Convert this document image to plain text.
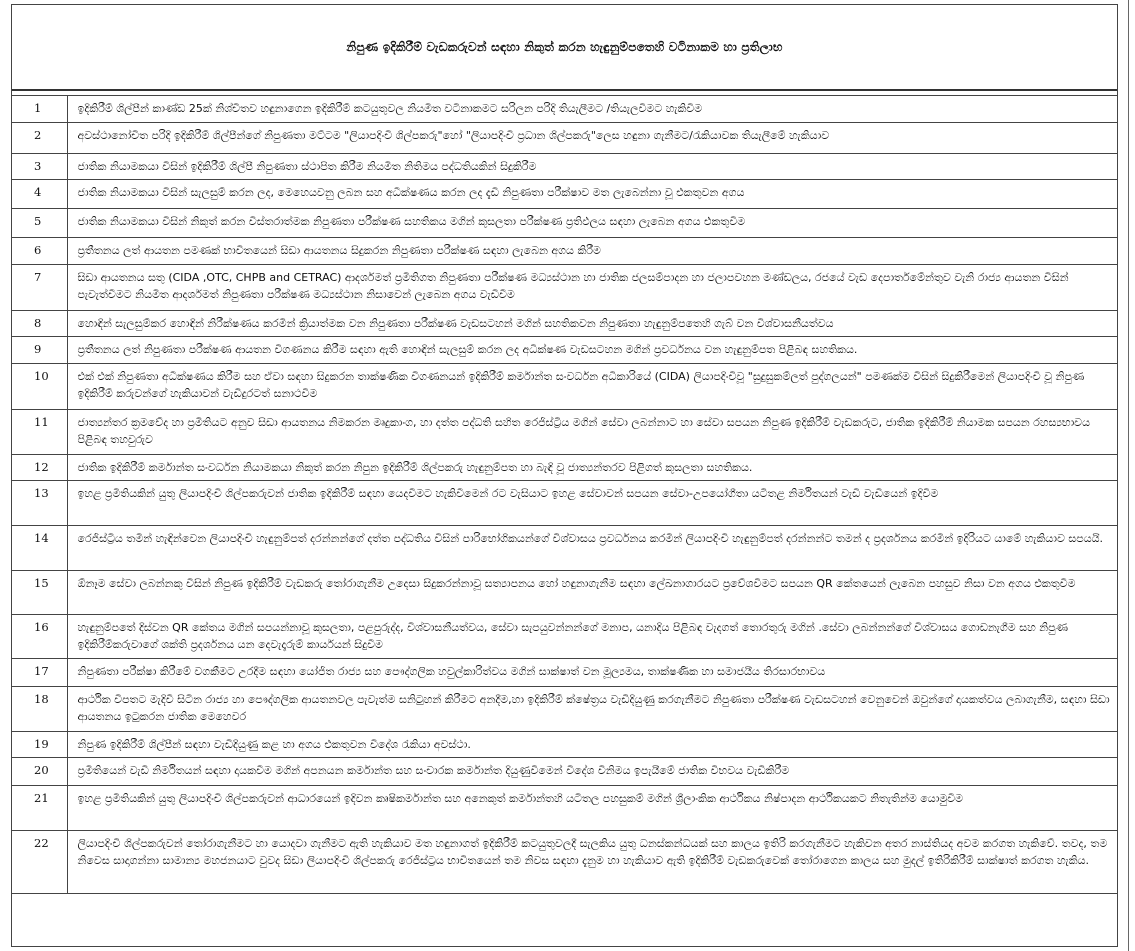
නිපුණ ඉදිකිරීම් වැඩකරුවන් සඳහා නිකුත් කරන හැඳුනුම්පතෙහි වටිනාකම හා ප්‍රතිලාභ
1	ඉදිකිරීම් ශිල්පීන් කාණ්ඩ 25ක් නිශ්චිතව හඳුනාගෙන ඉදිකිරීම් කටයුතුවල නියමිත වටිනාකමට සරිලන පරිදි තියැලීමට /තියැලවීමට හැකිවීම
2	අවස්ථානෝචිත පරිදි ඉදිකිරීම් ශිල්පීන්ගේ නිපුණතා මට්ටම "ලියාපදිංචි ශිල්පකරු"හෝ "ලියාපදිංචි ප්‍රධාන ශිල්පකරු"ලෙස හඳුනා ගැනීමට/රැකියාවක තියැලීමේ හැකියාව
3	ජාතික නියාමකයා විසින් ඉදිකිරීම් ශිල්පී නිපුණතා ස්ථාපිත කිරීම නියමිත නිතිමය පද්ධතියකින් සිදුකිරීම
4	ජාතික නියාමකයා විසින් සැලසුම් කරන ලද, මෙහෙයවනු ලබන සහ අධීක්ෂණය කරන ලද දැඩි නිපුණතා පරීක්ෂාව මත ලැබෙන්නා වූ එකතුවන අගය
5	ජාතික නියාමකයා විසින් නිකුත් කරන විස්තරාත්මක නිපුණතා පරීක්ෂණ සහතිකය මගින් කුසලතා පරීක්ෂණ ප්‍රතිඵලය සඳහා ලැබෙන අගය එකතුවීම
6	ප්‍රතීතනය ලත් ආයතන පමණක් භාවිතයෙන් සිඩා ආයතනය සිදුකරන නිපුණතා පරීක්ෂණ සඳහා ලැබෙන අගය කිරීම
7	සිඩා ආයතනය සතු (CIDA ,OTC, CHPB and CETRAC) ආදර්ශමත් ප්‍රමිතිගත නිපුණතා පරීක්ෂණ මධ්‍යස්ථාන හා ජාතික ජලසම්පාදන හා ජලාපවහන මණ්ඩලය, රජයේ වැඩ දෙපාර්තමේන්තුව වැනි රාජ්‍ය ආයතන විසින් පැවැත්වීමට නියමිත ආදර්ශමත් නිපුණතා පරීක්ෂණ මධ්‍යස්ථාන නිසාවෙන් ලැබෙන අගය වැඩිවීම
8	හොඳින් සැලසුම්කර හොඳින් නිරීක්ෂණය කරමින් ක්‍රියාත්මක වන නිපුණතා පරීක්ෂණ වැඩසටහන් මගින් සහතිකවන නිපුණතා හැඳුනුම්පතෙහි ගැබ් වන විශ්වාසනීයත්වය
9	ප්‍රතීතනය ලත් නිපුණතා පරීක්ෂණ ආයතන විගණනය කිරීම සඳහා ඇති හොඳින් සැලසුම් කරන ලද අධීක්ෂණ වැඩසටහන මගින් ප්‍රවර්ධනය වන හැඳුනුම්පත පිළිබඳ සහතිකය.
10	එක් එක් නිපුණතා අධීක්ෂණය කිරීම සහ ඒවා සඳහා සිදුකරන තාක්ෂණික විගණනයන් ඉදිකිරීම් කර්මාන්ත සංවර්ධන අධිකාරියේ (CIDA) ලියාපදිංචිවූ "සුදුසුකම්ලත් පුද්ගලයන්" පමණක්ම විසින් සිදුකිරීමෙන් ලියාපදිංචි වූ නිපුණ ඉදිකිරීම් කරුවන්ගේ හැකියාවන් වැඩිදුරටත් සනාථවීම
11	ජාත්‍යන්තර ක්‍රමවේද හා ප්‍රමිතියට අනුව සිඩා ආයතනය නිමකරන මෘදුකාංග, හා දත්ත පද්ධති සහිත රෙජිස්ට්‍රිය මගින් සේවා ලබන්නාට හා සේවා සපයන නිපුණ ඉදිකිරීම් වැඩකරුට, ජාතික ඉදිකිරීම් නියාමක සපයන රහස්‍යභාවය පිළිබඳ තහවුරුව
12	ජාතික ඉදිකිරීම් කර්මාන්ත සංවර්ධන නියාමකයා නිකුත් කරන නිපුන ඉදිකිරීම් ශිල්පකරු හැඳුනුම්පත හා බැඳි වූ ජාත්‍යන්තරව පිළිගත් කුසලතා සහතිකය.
13	ඉහළ ප්‍රමිතියකින් යුතු ලියාපදිංචි ශිල්පකරුවන් ජාතික ඉදිකිරීම් සඳහා යෙදවීමට හැකිවීමෙන් රට වැසියාට ඉහළ සේවාවන් සපයන සේවා-උපයෝගීතා යටිතළ නිර්මිතයන් වැඩි වැඩියෙන් ඉදිවීම
14	රෙජිස්ට්‍රිය තමින් හැඳින්වෙන ලියාපදිංචි හැඳුනුම්පත් දරන්නන්ගේ දත්ත පද්ධතිය විසින් පාරිභෝගිකයන්ගේ විශ්වාසය ප්‍රවර්ධනය කරමින් ලියාපදිංචි හැඳුනුම්පත් දරන්නන්ට තමන් ද ප්‍රදර්ශනය කරමින් ඉදිරියට යාමේ හැකියාව සපයයි.
15	ඕනෑම සේවා ලබන්නකු විසින් නිපුණ ඉදිකිරීම් වැඩකරු තෝරාගැනීම උදෙසා සිදුකරන්නාවූ සත්‍යාපනය හෝ හඳුනාගැනීම සඳහා ලේඛනාගාරයට ප්‍රවේශවීමට සපයන QR කේතයෙන් ලැබෙන පහසුව නිසා වන අගය එකතුවීම
16	හැඳුනුම්පතේ දිස්වන QR කේතය මගින් සපයන්නාවූ කුසලතා, පළපුරුද්ද, විශ්වාසනීයත්වය, සේවා සැපයුවන්නන්ගේ මනාප, යනාදිය පිළිබඳ වැදගත් තොරතුරු මගින් .සේවා ලබන්නන්ගේ විශ්වාසය ගොඩනැගීම සහ නිපුණ ඉදිකිරීම්කරුවාගේ ශක්ති ප්‍රදර්ශනය යන දෙවැදෑරුම් කාර්යයන් සිදුවීම
17	නිපුණතා පරීක්ෂා කිරීමේ වගකීමට උරදීම සඳහා යෝජිත රාජ්‍ය සහ පෞද්ගලික හවුල්කාරිත්වය මගින් සාක්ෂාත් වන මූල්‍යමය, තාක්ෂණික හා සමාජයීය තිරසාරභාවය
18	ආර්ථික විපතට මැදිවී සිටින රාජ්‍ය හා පෞද්ගලික ආයතනවල පැවැත්ම සනිටුහන් කිරීමට අනදීම,හා ඉදිකිරීම් ක්ෂේත්‍රය වැඩිදියුණු කරගැනීමට නිපුණතා පරීක්ෂණ වැඩසටහන් වෙනුවෙන් ඔවුන්ගේ දායකත්වය ලබාගැනීම, සඳහා සිඩා ආයතනය ඉටුකරන ජාතික මෙහෙවර
19	නිපුණ ඉදිකිරීම් ශිල්පීන් සඳහා වැඩිදියුණු කළ හා අගය එකතුවන විදේශ රැකියා අවස්ථා.
20	ප්‍රමිතියෙන් වැඩි නිර්මිතයන් සඳහා දායකවීම මගින් අපනයන කර්මාන්ත සහ සංචාරක කර්මාන්ත දියුණුවීමෙන් විදේශ විනිමය ඉපැයීමේ ජාතික විභවය වැඩිකිරීම
21	ඉහළ ප්‍රමිතියකින් යුතු ලියාපදිංචි ශිල්පකරුවන් ආධාරයෙන් ඉදිවන කෘෂිකර්මාන්ත සහ අනෙකුත් කර්මාන්තහි යටිතල පහසුකම් මගින් ශ්‍රීලාංකික ආර්ථිකය නිෂ්පාදන ආර්ථිකයකට නිතැතින්ම යොමුවීම
22	ලියාපදිංචි ශිල්පකරුවන් තෝරාගැනීමට හා යොදවා ගැනීමට ඇති හැකියාව මත හඳුනාගත් ඉදිකිරීම් කටයුතුවලදී සැලකිය යුතු ධනස්කන්ධයක් සහ කාලය ඉතිරි කරගැනීමට හැකිවන අතර නාස්තියද අවම කරගත හැකිවේ. තවද, තම නිවෙස සාදාගන්නා සාමාන්‍ය මහජනයාට වුවද සිඩා ලියාපදිංචි ශිල්පකරු රෙජිස්ට්‍රය භාවිතයෙන් තම නිවස සඳහා දැනුම හා හැකියාව ඇති ඉදිකිරීම් වැඩකරුවෙක් තෝරාගෙන කාලය සහ මුදල් ඉතිරිකිරීම් සාක්ෂාත් කරගත හැකිය.
